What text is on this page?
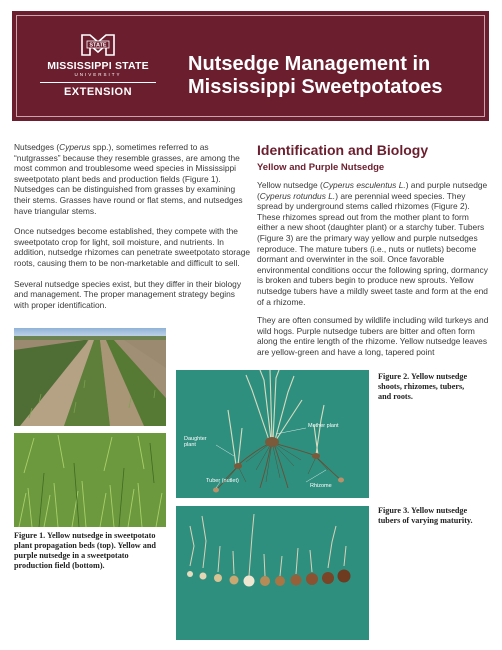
STATE
MISSISSIPPI STATE
UNIVERSITY
EXTENSION
Nutsedge Management in
Mississippi Sweetpotatoes

Nutsedges (Cyperus spp.), sometimes referred to as “nutgrasses” because they resemble grasses, are among the most common and troublesome weed species in Mississippi sweetpotato plant beds and production fields (Figure 1). Nutsedges can be distinguished from grasses by examining their stems. Grasses have round or flat stems, and nutsedges have triangular stems.

Once nutsedges become established, they compete with the sweetpotato crop for light, soil moisture, and nutrients. In addition, nutsedge rhizomes can penetrate sweetpotato storage roots, causing them to be non-marketable and difficult to sell.

Several nutsedge species exist, but they differ in their biology and management. The proper management strategy begins with proper identification.

Identification and Biology
Yellow and Purple Nutsedge

Yellow nutsedge (Cyperus esculentus L.) and purple nutsedge (Cyperus rotundus L.) are perennial weed species. They spread by underground stems called rhizomes (Figure 2). These rhizomes spread out from the mother plant to form either a new shoot (daughter plant) or a starchy tuber. Tubers (Figure 3) are the primary way yellow and purple nutsedges reproduce. The mature tubers (i.e., nuts or nutlets) become dormant and overwinter in the soil. Once favorable environmental conditions occur the following spring, dormancy is broken and tubers begin to produce new sprouts. Yellow nutsedge tubers have a mildly sweet taste and form at the end of a rhizome.

They are often consumed by wildlife including wild turkeys and wild hogs. Purple nutsedge tubers are bitter and often form along the entire length of the rhizome. Yellow nutsedge leaves are yellow-green and have a long, tapered point

Figure 1. Yellow nutsedge in sweetpotato plant propagation beds (top). Yellow and purple nutsedge in a sweetpotato production field (bottom).
Mother plant
Daughter plant
Tuber (nutlet)
Rhizome
Figure 2. Yellow nutsedge shoots, rhizomes, tubers, and roots.
Figure 3. Yellow nutsedge tubers of varying maturity.
